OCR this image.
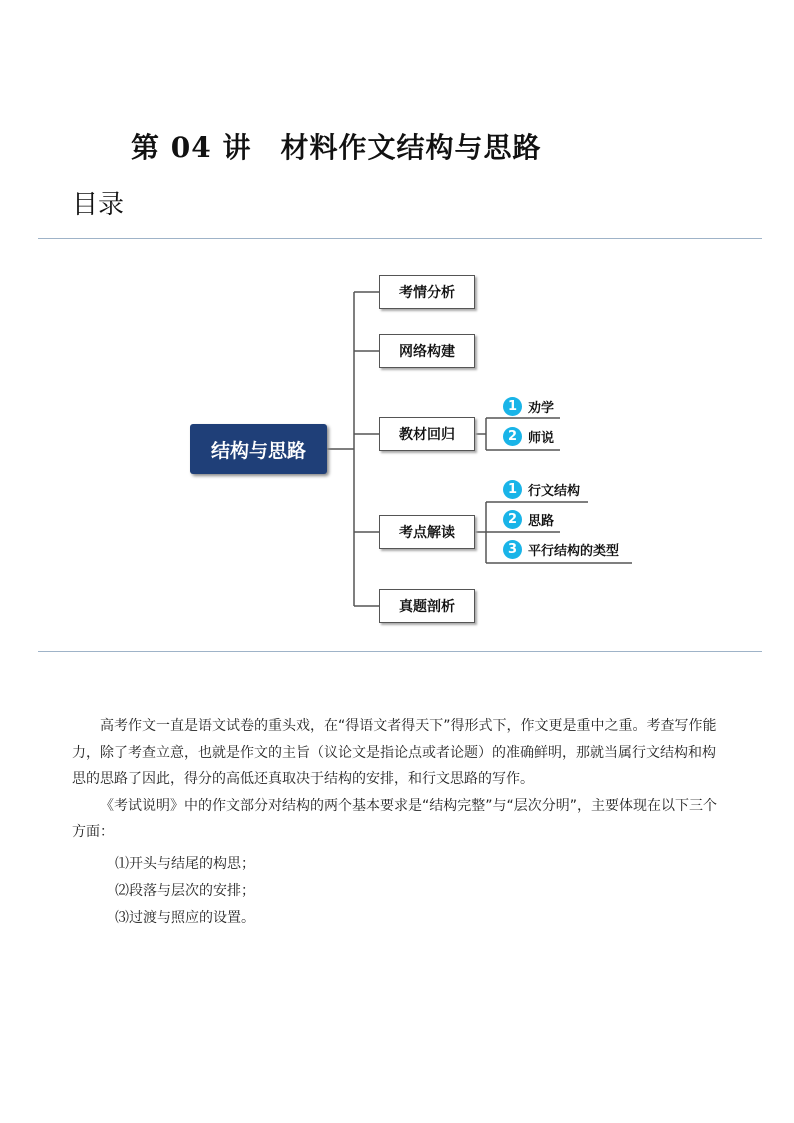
第 04 讲　材料作文结构与思路
目录
结构与思路
考情分析
网络构建
教材回归
考点解读
真题剖析
1 劝学
2 师说
1 行文结构
2 思路
3 平行结构的类型

高考作文一直是语文试卷的重头戏，在“得语文者得天下”得形式下，作文更是重中之重。考查写作能力，除了考查立意，也就是作文的主旨（议论文是指论点或者论题）的准确鲜明，那就当属行文结构和构思的思路了因此，得分的高低还真取决于结构的安排，和行文思路的写作。

《考试说明》中的作文部分对结构的两个基本要求是“结构完整”与“层次分明”，主要体现在以下三个方面：

⑴开头与结尾的构思；
⑵段落与层次的安排；
⑶过渡与照应的设置。
